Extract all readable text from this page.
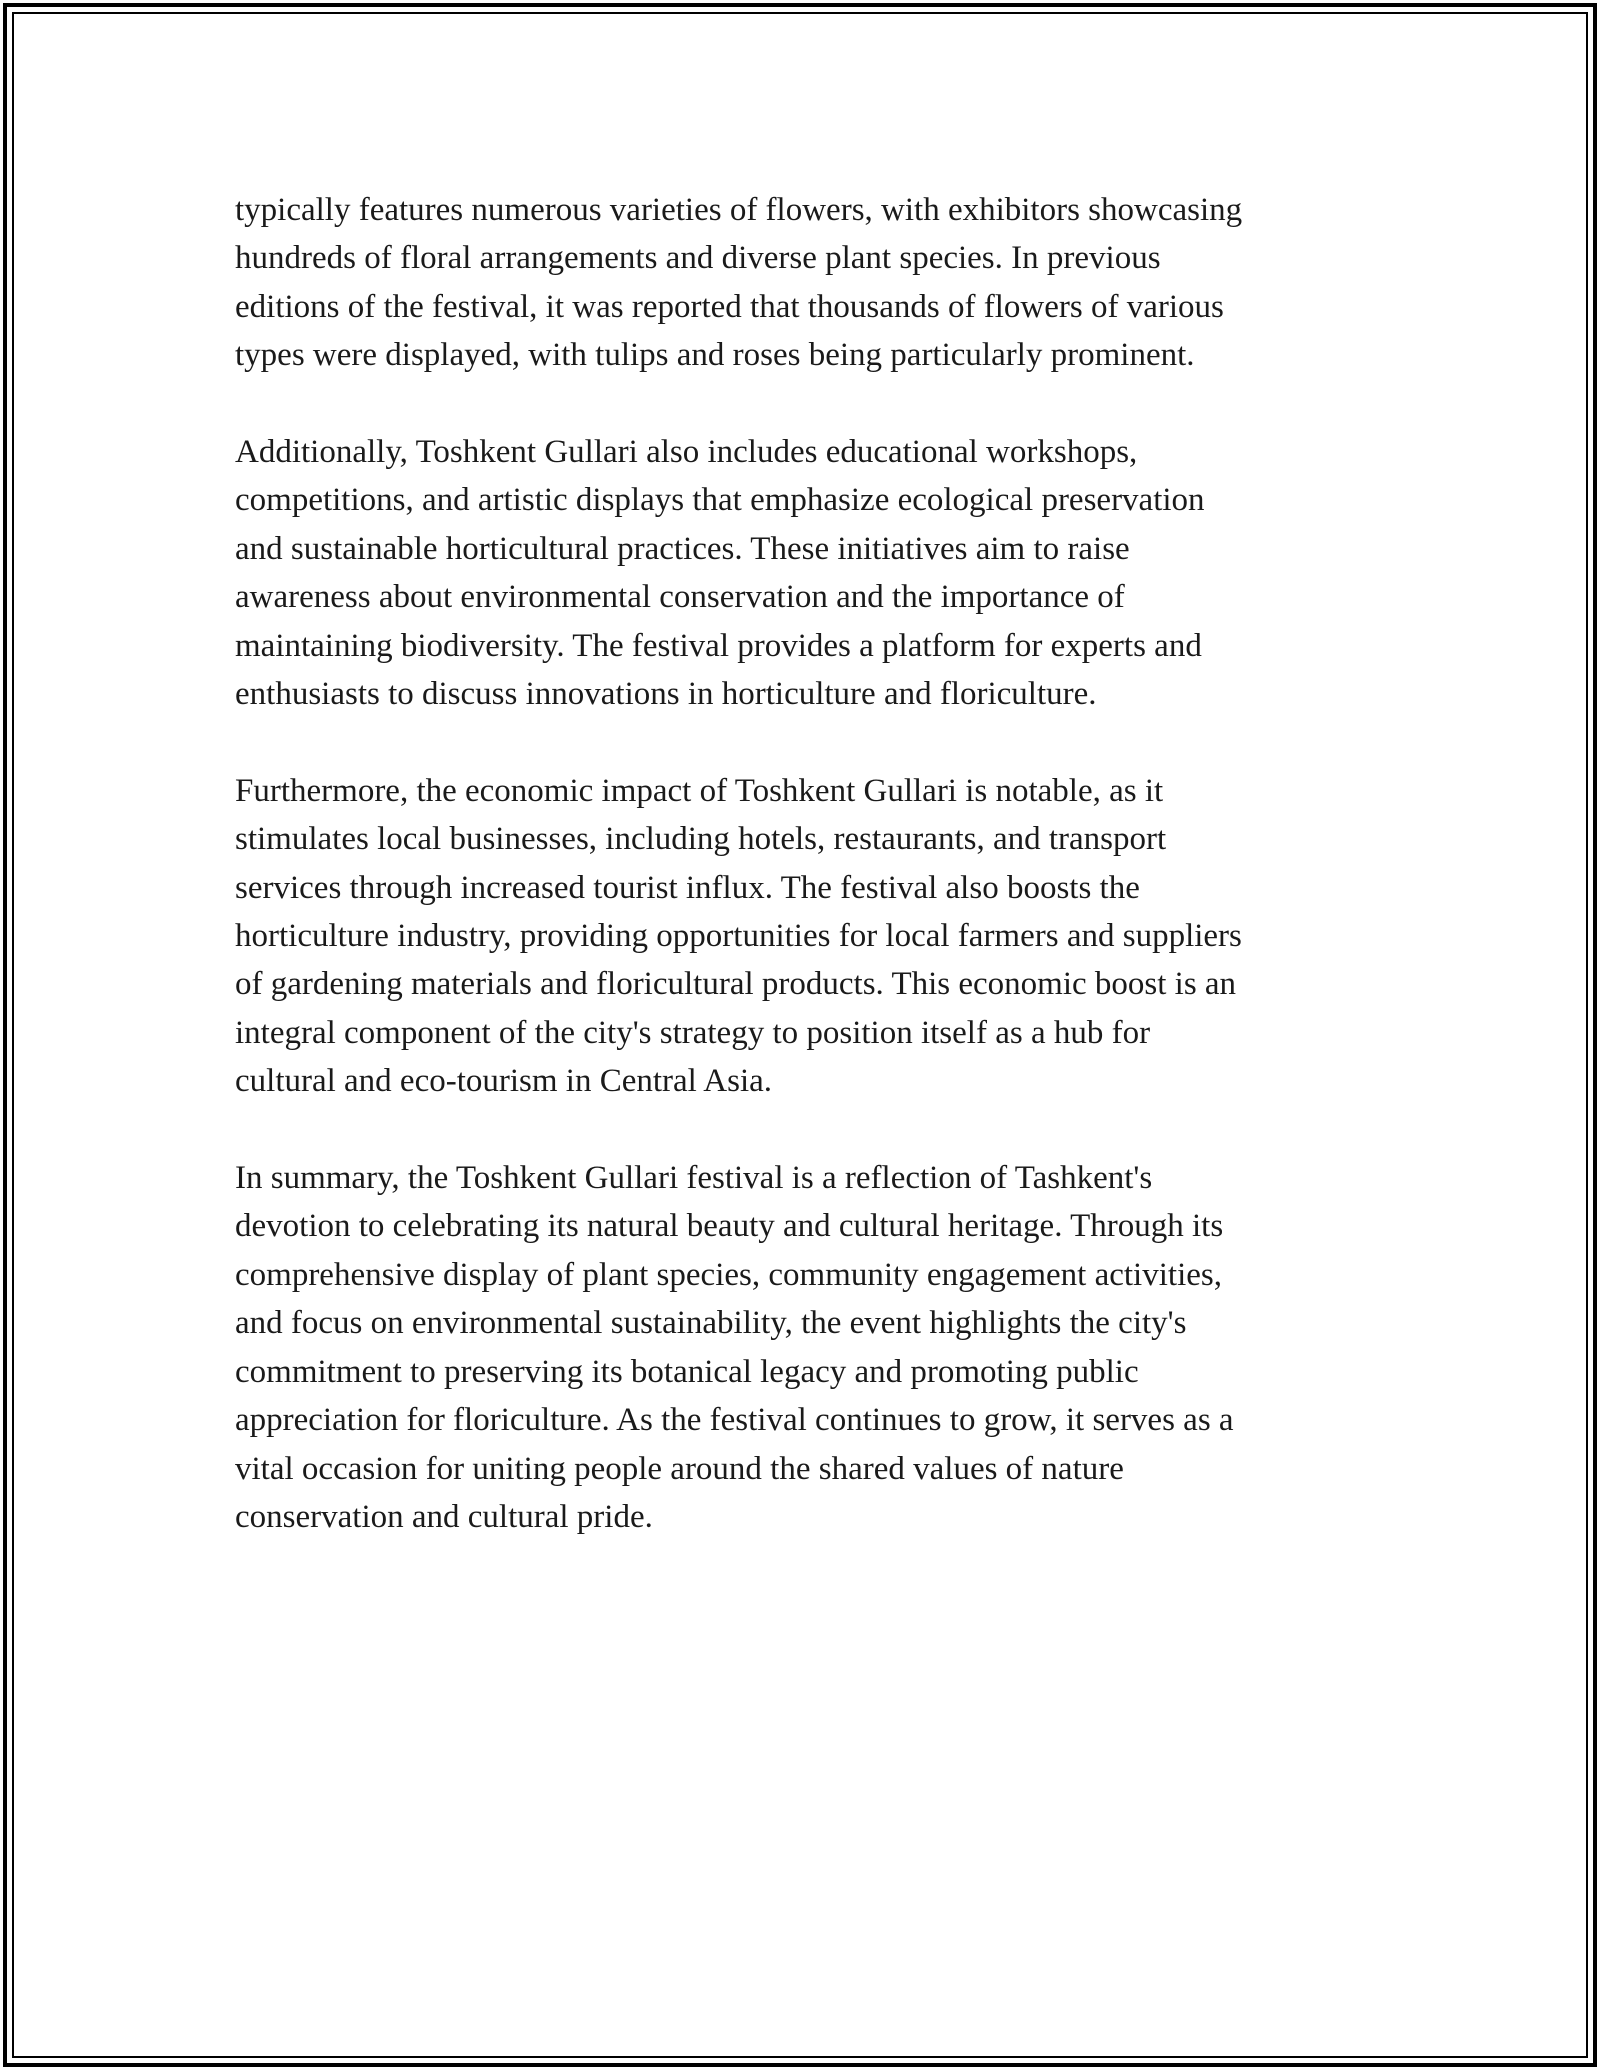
typically features numerous varieties of flowers, with exhibitors showcasing
hundreds of floral arrangements and diverse plant species. In previous
editions of the festival, it was reported that thousands of flowers of various
types were displayed, with tulips and roses being particularly prominent.

Additionally, Toshkent Gullari also includes educational workshops,
competitions, and artistic displays that emphasize ecological preservation
and sustainable horticultural practices. These initiatives aim to raise
awareness about environmental conservation and the importance of
maintaining biodiversity. The festival provides a platform for experts and
enthusiasts to discuss innovations in horticulture and floriculture.

Furthermore, the economic impact of Toshkent Gullari is notable, as it
stimulates local businesses, including hotels, restaurants, and transport
services through increased tourist influx. The festival also boosts the
horticulture industry, providing opportunities for local farmers and suppliers
of gardening materials and floricultural products. This economic boost is an
integral component of the city's strategy to position itself as a hub for
cultural and eco-tourism in Central Asia.

In summary, the Toshkent Gullari festival is a reflection of Tashkent's
devotion to celebrating its natural beauty and cultural heritage. Through its
comprehensive display of plant species, community engagement activities,
and focus on environmental sustainability, the event highlights the city's
commitment to preserving its botanical legacy and promoting public
appreciation for floriculture. As the festival continues to grow, it serves as a
vital occasion for uniting people around the shared values of nature
conservation and cultural pride.
